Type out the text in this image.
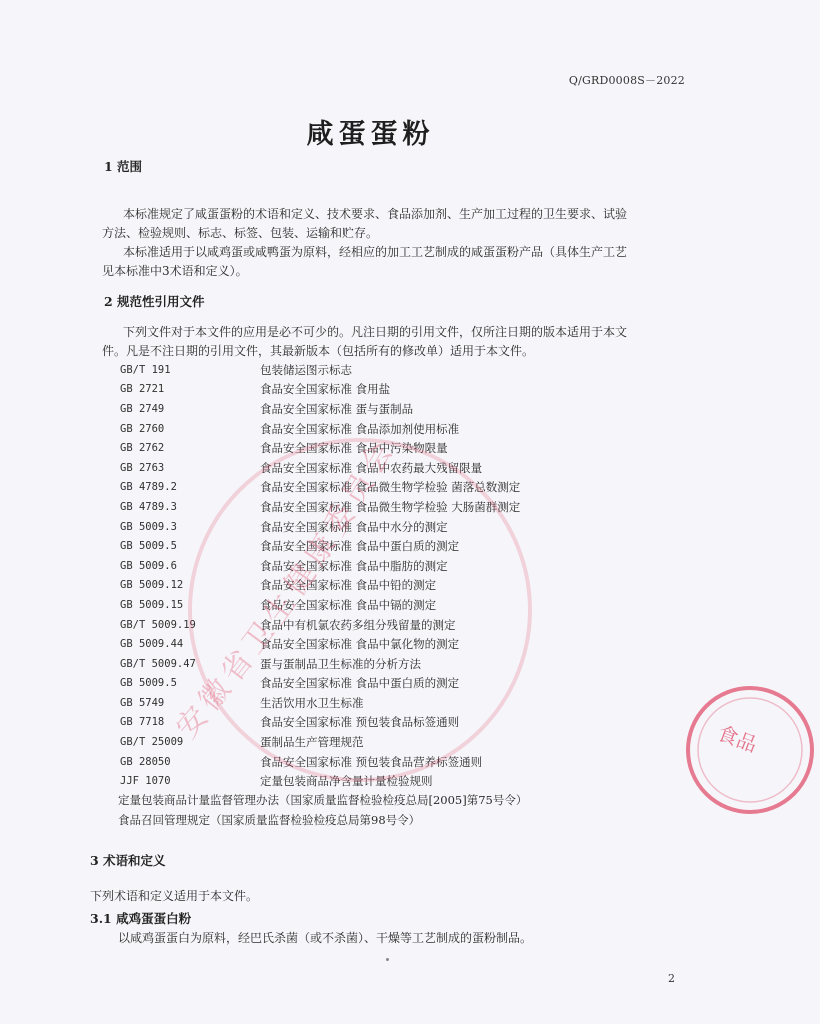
Q/GRD0008S－2022
咸蛋蛋粉
1 范围
本标准规定了咸蛋蛋粉的术语和定义、技术要求、食品添加剂、生产加工过程的卫生要求、试验
方法、检验规则、标志、标签、包装、运输和贮存。
本标准适用于以咸鸡蛋或咸鸭蛋为原料，经相应的加工工艺制成的咸蛋蛋粉产品（具体生产工艺
见本标准中3术语和定义）。
2 规范性引用文件
下列文件对于本文件的应用是必不可少的。凡注日期的引用文件，仅所注日期的版本适用于本文
件。凡是不注日期的引用文件，其最新版本（包括所有的修改单）适用于本文件。
GB/T 191	包装储运图示标志
GB 2721	食品安全国家标准 食用盐
GB 2749	食品安全国家标准 蛋与蛋制品
GB 2760	食品安全国家标准 食品添加剂使用标准
GB 2762	食品安全国家标准 食品中污染物限量
GB 2763	食品安全国家标准 食品中农药最大残留限量
GB 4789.2	食品安全国家标准 食品微生物学检验 菌落总数测定
GB 4789.3	食品安全国家标准 食品微生物学检验 大肠菌群测定
GB 5009.3	食品安全国家标准 食品中水分的测定
GB 5009.5	食品安全国家标准 食品中蛋白质的测定
GB 5009.6	食品安全国家标准 食品中脂肪的测定
GB 5009.12	食品安全国家标准 食品中铅的测定
GB 5009.15	食品安全国家标准 食品中镉的测定
GB/T 5009.19	食品中有机氯农药多组分残留量的测定
GB 5009.44	食品安全国家标准 食品中氯化物的测定
GB/T 5009.47	蛋与蛋制品卫生标准的分析方法
GB 5009.5	食品安全国家标准 食品中蛋白质的测定
GB 5749	生活饮用水卫生标准
GB 7718	食品安全国家标准 预包装食品标签通则
GB/T 25009	蛋制品生产管理规范
GB 28050	食品安全国家标准 预包装食品营养标签通则
JJF 1070	定量包装商品净含量计量检验规则
定量包装商品计量监督管理办法（国家质量监督检验检疫总局[2005]第75号令）
食品召回管理规定（国家质量监督检验检疫总局第98号令）
3 术语和定义
下列术语和定义适用于本文件。
3.1 咸鸡蛋蛋白粉
以咸鸡蛋蛋白为原料，经巴氏杀菌（或不杀菌）、干燥等工艺制成的蛋粉制品。
2
安徽省卫生健康委员会
食品
